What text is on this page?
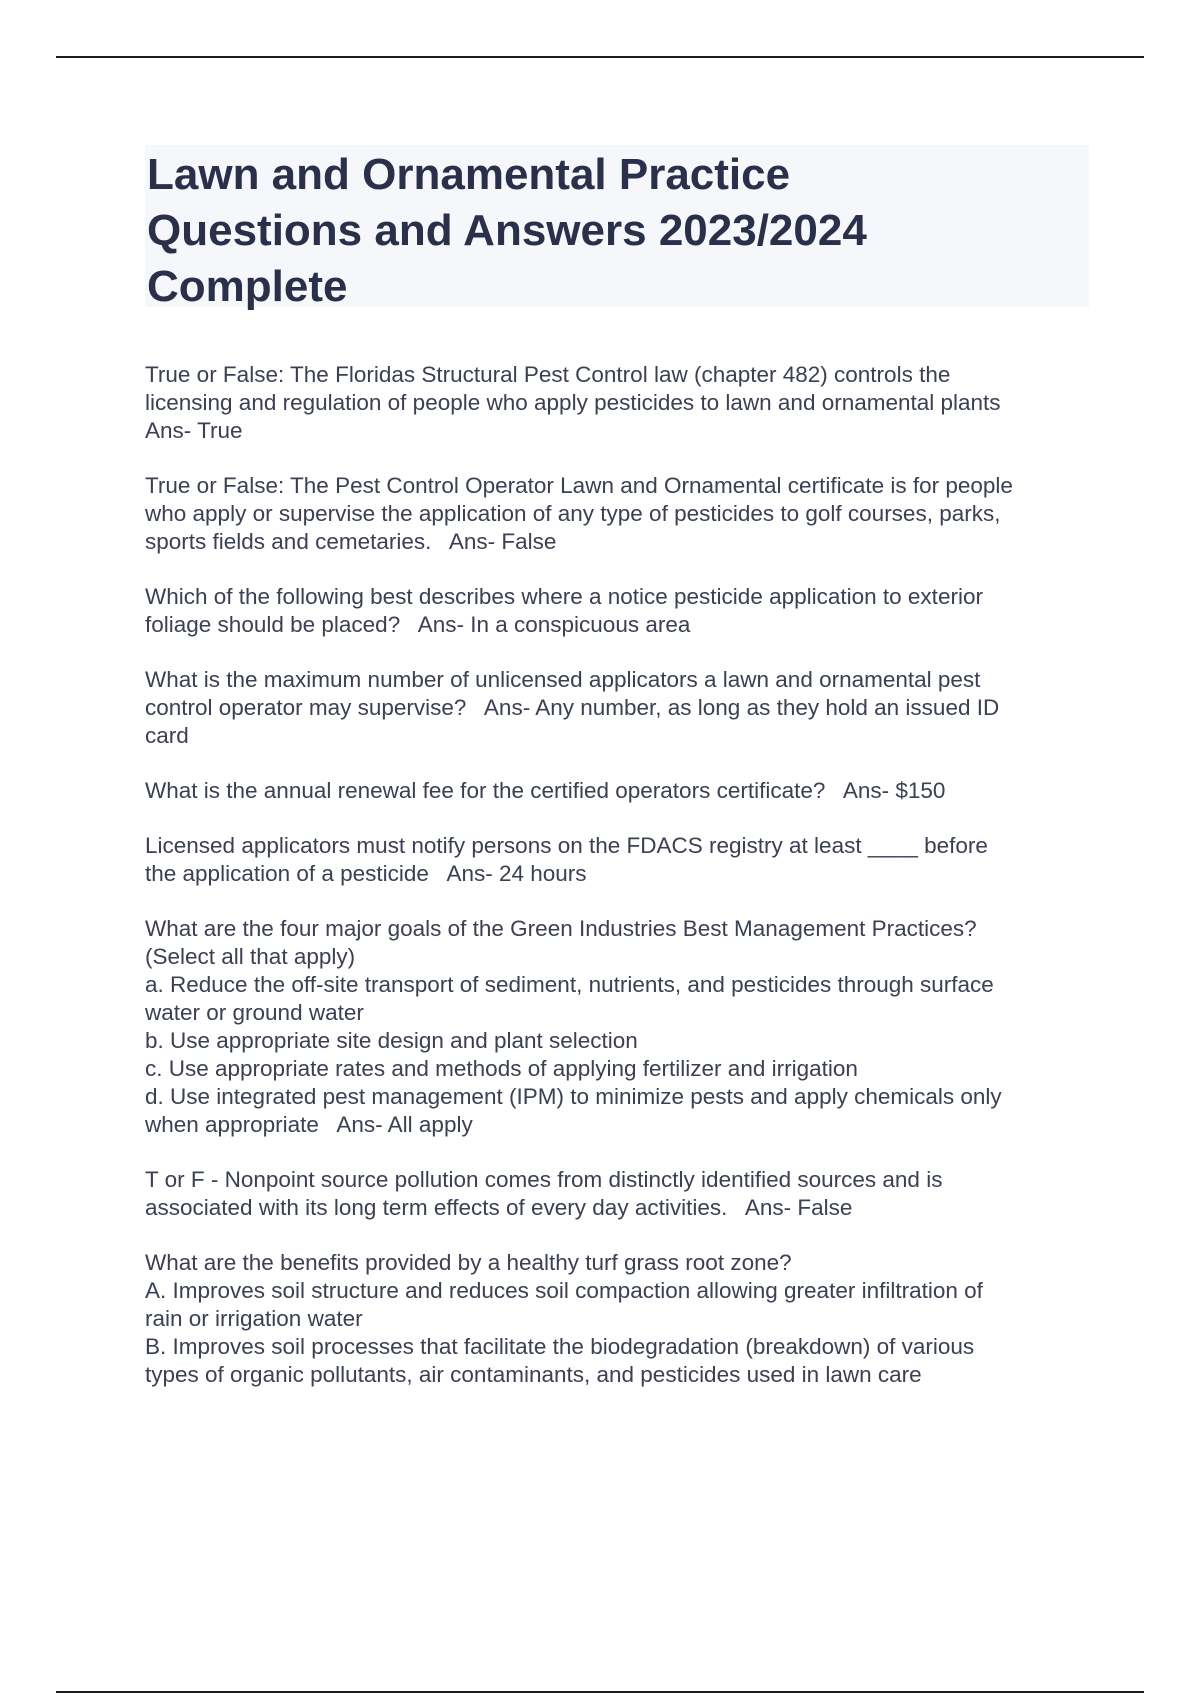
Lawn and Ornamental Practice
Questions and Answers 2023/2024
Complete

True or False: The Floridas Structural Pest Control law (chapter 482) controls the
licensing and regulation of people who apply pesticides to lawn and ornamental plants
Ans- True

True or False: The Pest Control Operator Lawn and Ornamental certificate is for people
who apply or supervise the application of any type of pesticides to golf courses, parks,
sports fields and cemetaries.   Ans- False

Which of the following best describes where a notice pesticide application to exterior
foliage should be placed?   Ans- In a conspicuous area

What is the maximum number of unlicensed applicators a lawn and ornamental pest
control operator may supervise?   Ans- Any number, as long as they hold an issued ID
card

What is the annual renewal fee for the certified operators certificate?   Ans- $150

Licensed applicators must notify persons on the FDACS registry at least ____ before
the application of a pesticide   Ans- 24 hours

What are the four major goals of the Green Industries Best Management Practices?
(Select all that apply)
a. Reduce the off-site transport of sediment, nutrients, and pesticides through surface
water or ground water
b. Use appropriate site design and plant selection
c. Use appropriate rates and methods of applying fertilizer and irrigation
d. Use integrated pest management (IPM) to minimize pests and apply chemicals only
when appropriate   Ans- All apply

T or F - Nonpoint source pollution comes from distinctly identified sources and is
associated with its long term effects of every day activities.   Ans- False

What are the benefits provided by a healthy turf grass root zone?
A. Improves soil structure and reduces soil compaction allowing greater infiltration of
rain or irrigation water
B. Improves soil processes that facilitate the biodegradation (breakdown) of various
types of organic pollutants, air contaminants, and pesticides used in lawn care
